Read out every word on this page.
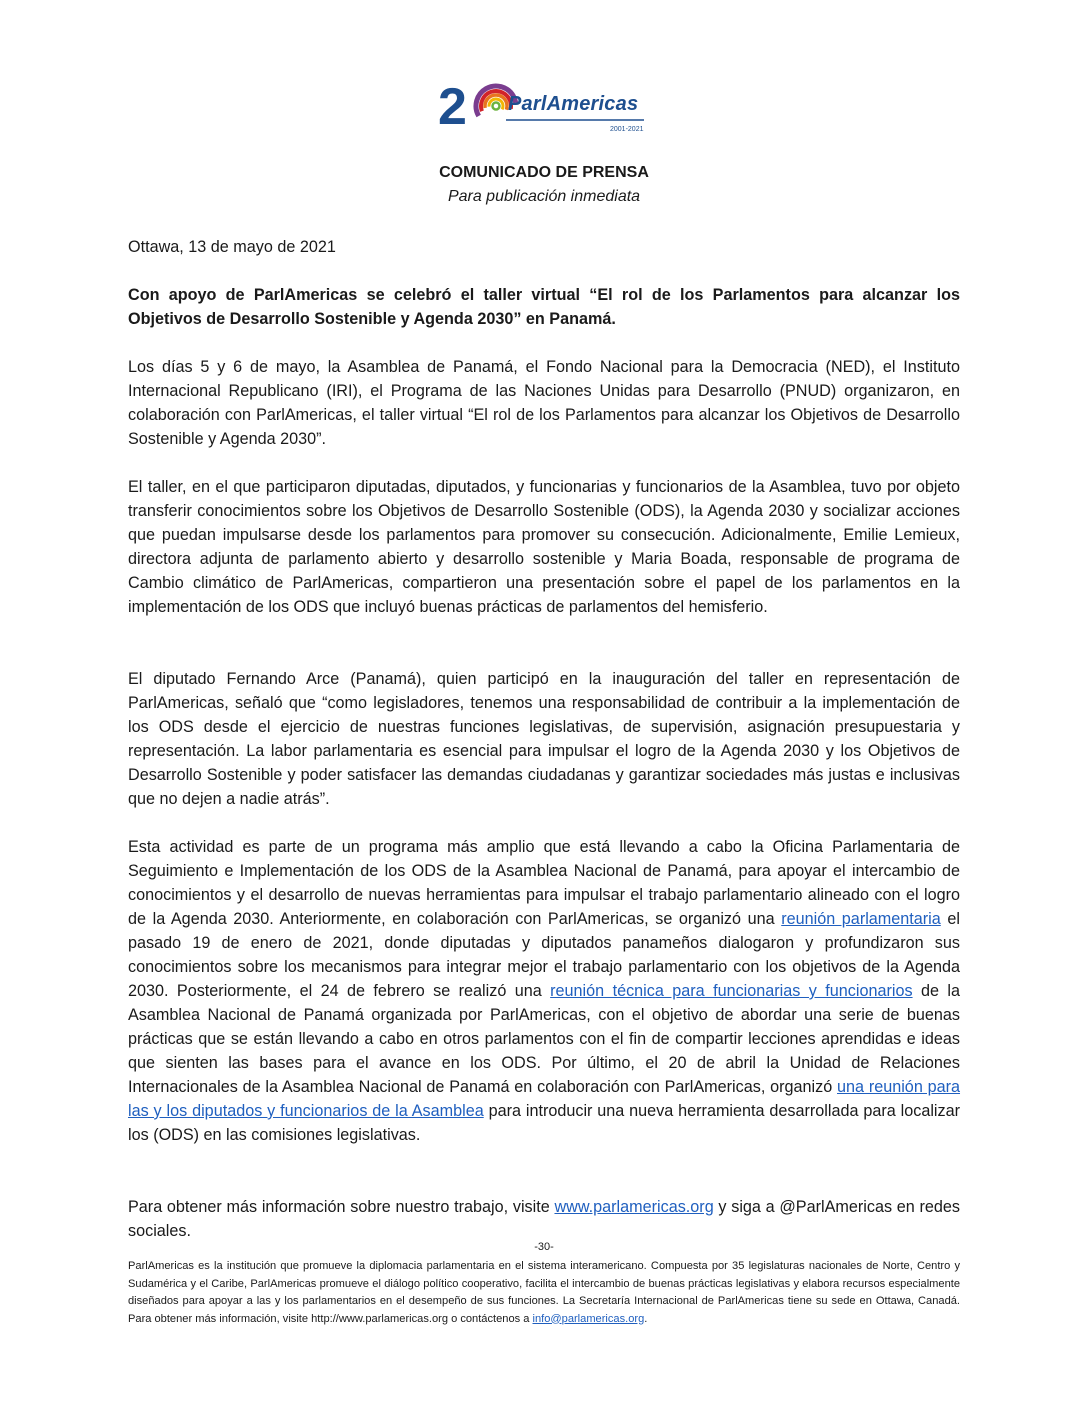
2 ParlAmericas
2001-2021
COMUNICADO DE PRENSA
Para publicación inmediata
Ottawa, 13 de mayo de 2021
Con apoyo de ParlAmericas se celebró el taller virtual “El rol de los Parlamentos para alcanzar los Objetivos de Desarrollo Sostenible y Agenda 2030” en Panamá.
Los días 5 y 6 de mayo, la Asamblea de Panamá, el Fondo Nacional para la Democracia (NED), el Instituto Internacional Republicano (IRI), el Programa de las Naciones Unidas para Desarrollo (PNUD) organizaron, en colaboración con ParlAmericas, el taller virtual “El rol de los Parlamentos para alcanzar los Objetivos de Desarrollo Sostenible y Agenda 2030”.
El taller, en el que participaron diputadas, diputados, y funcionarias y funcionarios de la Asamblea, tuvo por objeto transferir conocimientos sobre los Objetivos de Desarrollo Sostenible (ODS), la Agenda 2030 y socializar acciones que puedan impulsarse desde los parlamentos para promover su consecución. Adicionalmente, Emilie Lemieux, directora adjunta de parlamento abierto y desarrollo sostenible y Maria Boada, responsable de programa de Cambio climático de ParlAmericas, compartieron una presentación sobre el papel de los parlamentos en la implementación de los ODS que incluyó buenas prácticas de parlamentos del hemisferio.
El diputado Fernando Arce (Panamá), quien participó en la inauguración del taller en representación de ParlAmericas, señaló que “como legisladores, tenemos una responsabilidad de contribuir a la implementación de los ODS desde el ejercicio de nuestras funciones legislativas, de supervisión, asignación presupuestaria y representación. La labor parlamentaria es esencial para impulsar el logro de la Agenda 2030 y los Objetivos de Desarrollo Sostenible y poder satisfacer las demandas ciudadanas y garantizar sociedades más justas e inclusivas que no dejen a nadie atrás”.
Esta actividad es parte de un programa más amplio que está llevando a cabo la Oficina Parlamentaria de Seguimiento e Implementación de los ODS de la Asamblea Nacional de Panamá, para apoyar el intercambio de conocimientos y el desarrollo de nuevas herramientas para impulsar el trabajo parlamentario alineado con el logro de la Agenda 2030. Anteriormente, en colaboración con ParlAmericas, se organizó una reunión parlamentaria el pasado 19 de enero de 2021, donde diputadas y diputados panameños dialogaron y profundizaron sus conocimientos sobre los mecanismos para integrar mejor el trabajo parlamentario con los objetivos de la Agenda 2030. Posteriormente, el 24 de febrero se realizó una reunión técnica para funcionarias y funcionarios de la Asamblea Nacional de Panamá organizada por ParlAmericas, con el objetivo de abordar una serie de buenas prácticas que se están llevando a cabo en otros parlamentos con el fin de compartir lecciones aprendidas e ideas que sienten las bases para el avance en los ODS. Por último, el 20 de abril la Unidad de Relaciones Internacionales de la Asamblea Nacional de Panamá en colaboración con ParlAmericas, organizó una reunión para las y los diputados y funcionarios de la Asamblea para introducir una nueva herramienta desarrollada para localizar los (ODS) en las comisiones legislativas.
Para obtener más información sobre nuestro trabajo, visite www.parlamericas.org y siga a @ParlAmericas en redes sociales.
-30-
ParlAmericas es la institución que promueve la diplomacia parlamentaria en el sistema interamericano. Compuesta por 35 legislaturas nacionales de Norte, Centro y Sudamérica y el Caribe, ParlAmericas promueve el diálogo político cooperativo, facilita el intercambio de buenas prácticas legislativas y elabora recursos especialmente diseñados para apoyar a las y los parlamentarios en el desempeño de sus funciones. La Secretaría Internacional de ParlAmericas tiene su sede en Ottawa, Canadá. Para obtener más información, visite http://www.parlamericas.org o contáctenos a info@parlamericas.org.
